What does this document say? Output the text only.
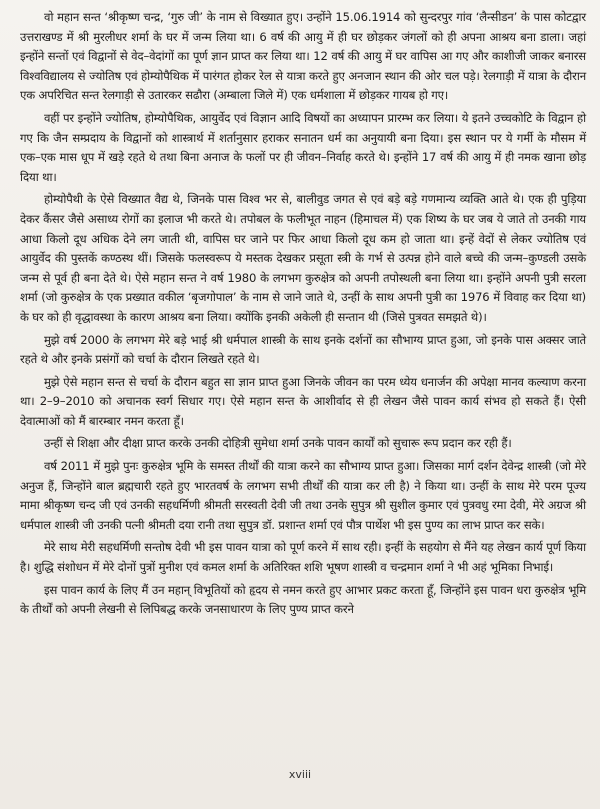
वो महान सन्त ‘श्रीकृष्ण चन्द्र, ‘गुरु जी’ के नाम से विख्यात हुए। उन्होंने 15.06.1914 को सुन्दरपुर गांव ‘लैन्सीडन’ के पास कोटद्वार उत्तराखण्ड में श्री मुरलीधर शर्मा के घर में जन्म लिया था। 6 वर्ष की आयु में ही घर छोड़कर जंगलों को ही अपना आश्रय बना डाला। जहां इन्होंने सन्तों एवं विद्वानों से वेद–वेदांगों का पूर्ण ज्ञान प्राप्त कर लिया था। 12 वर्ष की आयु में घर वापिस आ गए और काशीजी जाकर बनारस विश्वविद्यालय से ज्योतिष एवं होम्योपैथिक में पारंगत होकर रेल से यात्रा करते हुए अनजान स्थान की ओर चल पड़े। रेलगाड़ी में यात्रा के दौरान एक अपरिचित सन्त रेलगाड़ी से उतारकर सढौरा (अम्बाला जिले में) एक धर्मशाला में छोड़कर गायब हो गए।

वहीं पर इन्होंने ज्योतिष, होम्योपैथिक, आयुर्वेद एवं विज्ञान आदि विषयों का अध्यापन प्रारम्भ कर लिया। ये इतने उच्चकोटि के विद्वान हो गए कि जैन सम्प्रदाय के विद्वानों को शास्त्रार्थ में शर्तानुसार हराकर सनातन धर्म का अनुयायी बना दिया। इस स्थान पर ये गर्मी के मौसम में एक–एक मास धूप में खड़े रहते थे तथा बिना अनाज के फलों पर ही जीवन–निर्वाह करते थे। इन्होंने 17 वर्ष की आयु में ही नमक खाना छोड़ दिया था।

होम्योपैथी के ऐसे विख्यात वैद्य थे, जिनके पास विश्व भर से, बालीवुड जगत से एवं बड़े बड़े गणमान्य व्यक्ति आते थे। एक ही पुड़िया देकर कैंसर जैसे असाध्य रोगों का इलाज भी करते थे। तपोबल के फलीभूत नाहन (हिमाचल में) एक शिष्य के घर जब ये जाते तो उनकी गाय आधा किलो दूध अधिक देने लग जाती थी, वापिस घर जाने पर फिर आधा किलो दूध कम हो जाता था। इन्हें वेदों से लेकर ज्योतिष एवं आयुर्वेद की पुस्तकें कण्ठस्थ थीं। जिसके फलस्वरूप ये मस्तक देखकर प्रसूता स्त्री के गर्भ से उत्पन्न होने वाले बच्चे की जन्म–कुण्डली उसके जन्म से पूर्व ही बना देते थे। ऐसे महान सन्त ने वर्ष 1980 के लगभग कुरुक्षेत्र को अपनी तपोस्थली बना लिया था। इन्होंने अपनी पुत्री सरला शर्मा (जो कुरुक्षेत्र के एक प्रख्यात वकील ‘बृजगोपाल’ के नाम से जाने जाते थे, उन्हीं के साथ अपनी पुत्री का 1976 में विवाह कर दिया था) के घर को ही वृद्धावस्था के कारण आश्रय बना लिया। क्योंकि इनकी अकेली ही सन्तान थी (जिसे पुत्रवत समझते थे)।

मुझे वर्ष 2000 के लगभग मेरे बड़े भाई श्री धर्मपाल शास्त्री के साथ इनके दर्शनों का सौभाग्य प्राप्त हुआ, जो इनके पास अक्सर जाते रहते थे और इनके प्रसंगों को चर्चा के दौरान लिखते रहते थे।

मुझे ऐसे महान सन्त से चर्चा के दौरान बहुत सा ज्ञान प्राप्त हुआ जिनके जीवन का परम ध्येय धनार्जन की अपेक्षा मानव कल्याण करना था। 2–9–2010 को अचानक स्वर्ग सिधार गए। ऐसे महान सन्त के आशीर्वाद से ही लेखन जैसे पावन कार्य संभव हो सकते हैं। ऐसी देवात्माओं को मैं बारम्बार नमन करता हूँ।

उन्हीं से शिक्षा और दीक्षा प्राप्त करके उनकी दोहित्री सुमेधा शर्मा उनके पावन कार्यों को सुचारू रूप प्रदान कर रही हैं।

वर्ष 2011 में मुझे पुनः कुरुक्षेत्र भूमि के समस्त तीर्थों की यात्रा करने का सौभाग्य प्राप्त हुआ। जिसका मार्ग दर्शन देवेन्द्र शास्त्री (जो मेरे अनुज हैं, जिन्होंने बाल ब्रह्मचारी रहते हुए भारतवर्ष के लगभग सभी तीर्थों की यात्रा कर ली है) ने किया था। उन्हीं के साथ मेरे परम पूज्य मामा श्रीकृष्ण चन्द जी एवं उनकी सहधर्मिणी श्रीमती सरस्वती देवी जी तथा उनके सुपुत्र श्री सुशील कुमार एवं पुत्रवधु रमा देवी, मेरे अग्रज श्री धर्मपाल शास्त्री जी उनकी पत्नी श्रीमती दया रानी तथा सुपुत्र डॉ. प्रशान्त शर्मा एवं पौत्र पार्थेश भी इस पुण्य का लाभ प्राप्त कर सके।

मेरे साथ मेरी सहधर्मिणी सन्तोष देवी भी इस पावन यात्रा को पूर्ण करने में साथ रही। इन्हीं के सहयोग से मैंने यह लेखन कार्य पूर्ण किया है। शुद्धि संशोधन में मेरे दोनों पुत्रों मुनीश एवं कमल शर्मा के अतिरिक्त शशि भूषण शास्त्री व चन्द्रमान शर्मा ने भी अहं भूमिका निभाई।

इस पावन कार्य के लिए मैं उन महान् विभूतियों को हृदय से नमन करते हुए आभार प्रकट करता हूँ, जिन्होंने इस पावन धरा कुरुक्षेत्र भूमि के तीर्थों को अपनी लेखनी से लिपिबद्ध करके जनसाधारण के लिए पुण्य प्राप्त करने

xviii
